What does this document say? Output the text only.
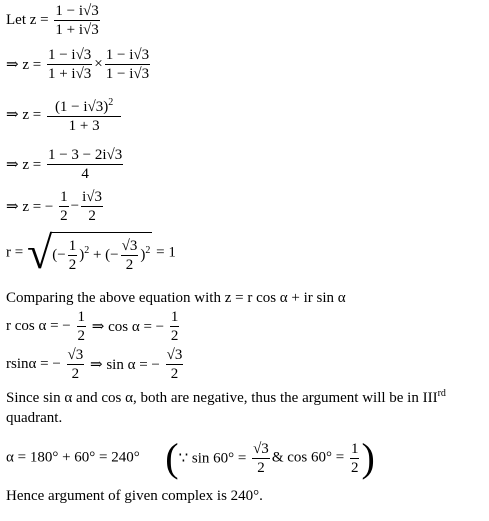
Let $z = \frac{1 - i√3}{1 + i√3}$
⇒ $z = \frac{1 - i√3}{1 + i√3} \times \frac{1 - i√3}{1 - i√3}$
⇒ $z = \frac{(1 - i√3)^2}{1 + 3}$
⇒ $z = \frac{1 - 3 - 2i√3}{4}$
⇒ z = − $\frac{1}{2} - \frac{i√3}{2}$
r = √(− $\frac{1}{2} )^2$ + (− $\frac{√3}{2} )^2 = 1$
Comparing the above equation with z = r cos α + ir sin α
r cos α = − $\frac{1}{2}$ ⇒ cos α = − $\frac{1}{2}$
rsinα = − $\frac{√3}{2}$ ⇒ sin α = − $\frac{√3}{2}$
Since sin α and cos α, both are negative, thus the argument will be in IIIrd
quadrant.
α = 180° + 60° = 240° (∵ $\sin 60^\circ = \frac{√3}{2}$ & $\cos 60^\circ = \frac{1}{2}$ )
Hence argument of given complex is 240°.
